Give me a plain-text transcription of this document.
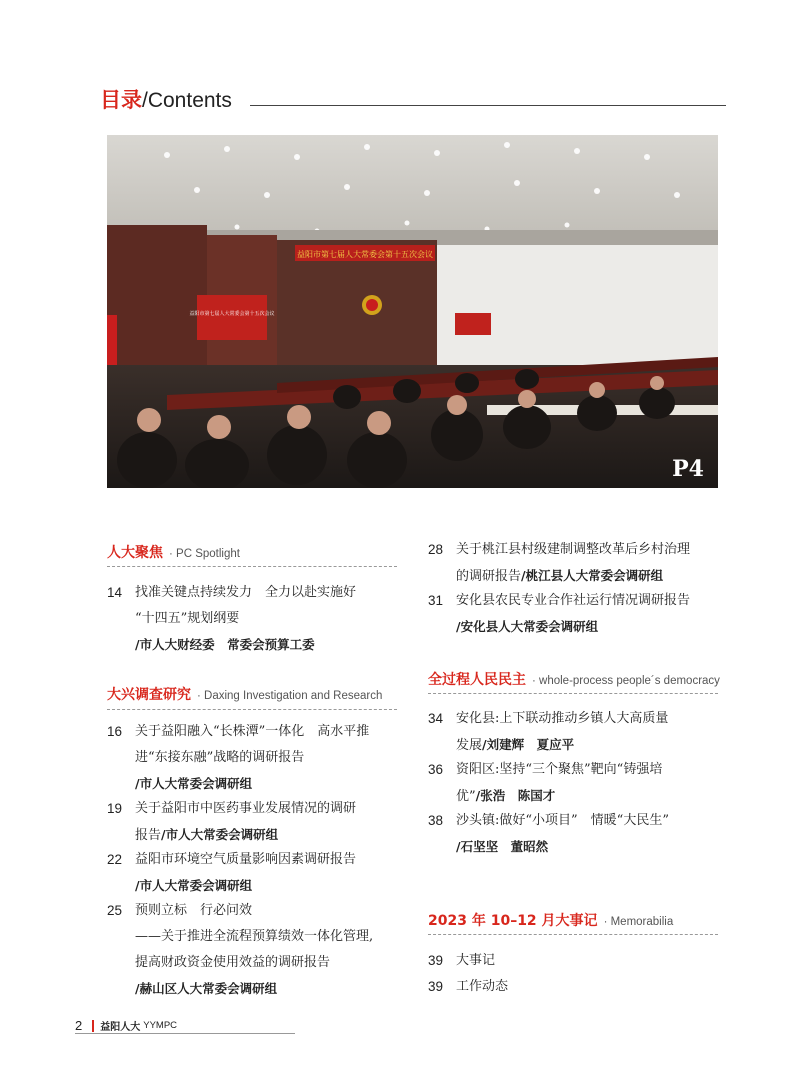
目录/Contents
益阳市第七届人大常委会第十五次会议
益阳市第七届人大常委会第十五次会议
P4
人大聚焦 · PC Spotlight
14 找准关键点持续发力　全力以赴实施好
“十四五”规划纲要
/市人大财经委　常委会预算工委
大兴调查研究 · Daxing Investigation and Research
16 关于益阳融入“长株潭”一体化　高水平推
进“东接东融”战略的调研报告
/市人大常委会调研组
19 关于益阳市中医药事业发展情况的调研
报告/市人大常委会调研组
22 益阳市环境空气质量影响因素调研报告
/市人大常委会调研组
25 预则立标　行必问效
——关于推进全流程预算绩效一体化管理,
提高财政资金使用效益的调研报告
/赫山区人大常委会调研组
28 关于桃江县村级建制调整改革后乡村治理
的调研报告/桃江县人大常委会调研组
31 安化县农民专业合作社运行情况调研报告
/安化县人大常委会调研组
全过程人民民主 · whole-process people´s democracy
34 安化县:上下联动推动乡镇人大高质量
发展/刘建辉　夏应平
36 资阳区:坚持“三个聚焦”靶向“铸强培
优”/张浩　陈国才
38 沙头镇:做好“小项目”　情暖“大民生”
/石坚坚　董昭然
2023 年 10–12 月大事记 · Memorabilia
39 大事记
39 工作动态
2 益阳人大 YYMPC
